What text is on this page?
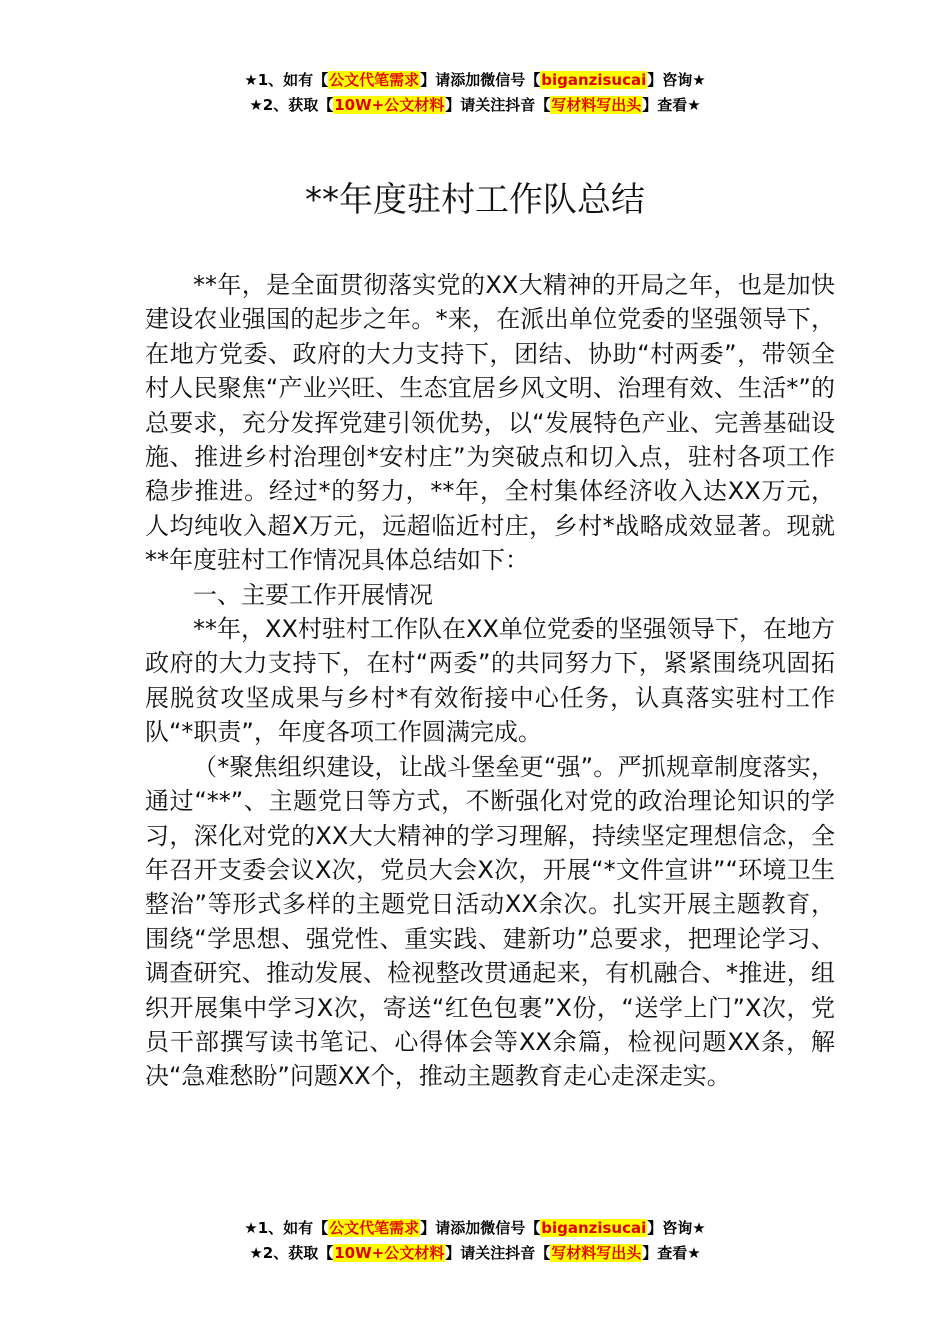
★1、如有【公文代笔需求】请添加微信号【biganzisucai】咨询★
★2、获取【10W+公文材料】请关注抖音【写材料写出头】查看★
**年度驻村工作队总结

**年，是全面贯彻落实党的XX大精神的开局之年，也是加快建设农业强国的起步之年。*来，在派出单位党委的坚强领导下，在地方党委、政府的大力支持下，团结、协助“村两委”，带领全村人民聚焦“产业兴旺、生态宜居乡风文明、治理有效、生活*”的总要求，充分发挥党建引领优势，以“发展特色产业、完善基础设施、推进乡村治理创*安村庄”为突破点和切入点，驻村各项工作稳步推进。经过*的努力，**年，全村集体经济收入达XX万元，人均纯收入超X万元，远超临近村庄，乡村*战略成效显著。现就**年度驻村工作情况具体总结如下：

一、主要工作开展情况

**年，XX村驻村工作队在XX单位党委的坚强领导下，在地方政府的大力支持下，在村“两委”的共同努力下，紧紧围绕巩固拓展脱贫攻坚成果与乡村*有效衔接中心任务，认真落实驻村工作队“*职责”，年度各项工作圆满完成。

（*聚焦组织建设，让战斗堡垒更“强”。严抓规章制度落实，通过“**”、主题党日等方式，不断强化对党的政治理论知识的学习，深化对党的XX大大精神的学习理解，持续坚定理想信念，全年召开支委会议X次，党员大会X次，开展“*文件宣讲”“环境卫生整治”等形式多样的主题党日活动XX余次。扎实开展主题教育，围绕“学思想、强党性、重实践、建新功”总要求，把理论学习、调查研究、推动发展、检视整改贯通起来，有机融合、*推进，组织开展集中学习X次，寄送“红色包裹”X份，“送学上门”X次，党员干部撰写读书笔记、心得体会等XX余篇，检视问题XX条，解决“急难愁盼”问题XX个，推动主题教育走心走深走实。

★1、如有【公文代笔需求】请添加微信号【biganzisucai】咨询★
★2、获取【10W+公文材料】请关注抖音【写材料写出头】查看★
